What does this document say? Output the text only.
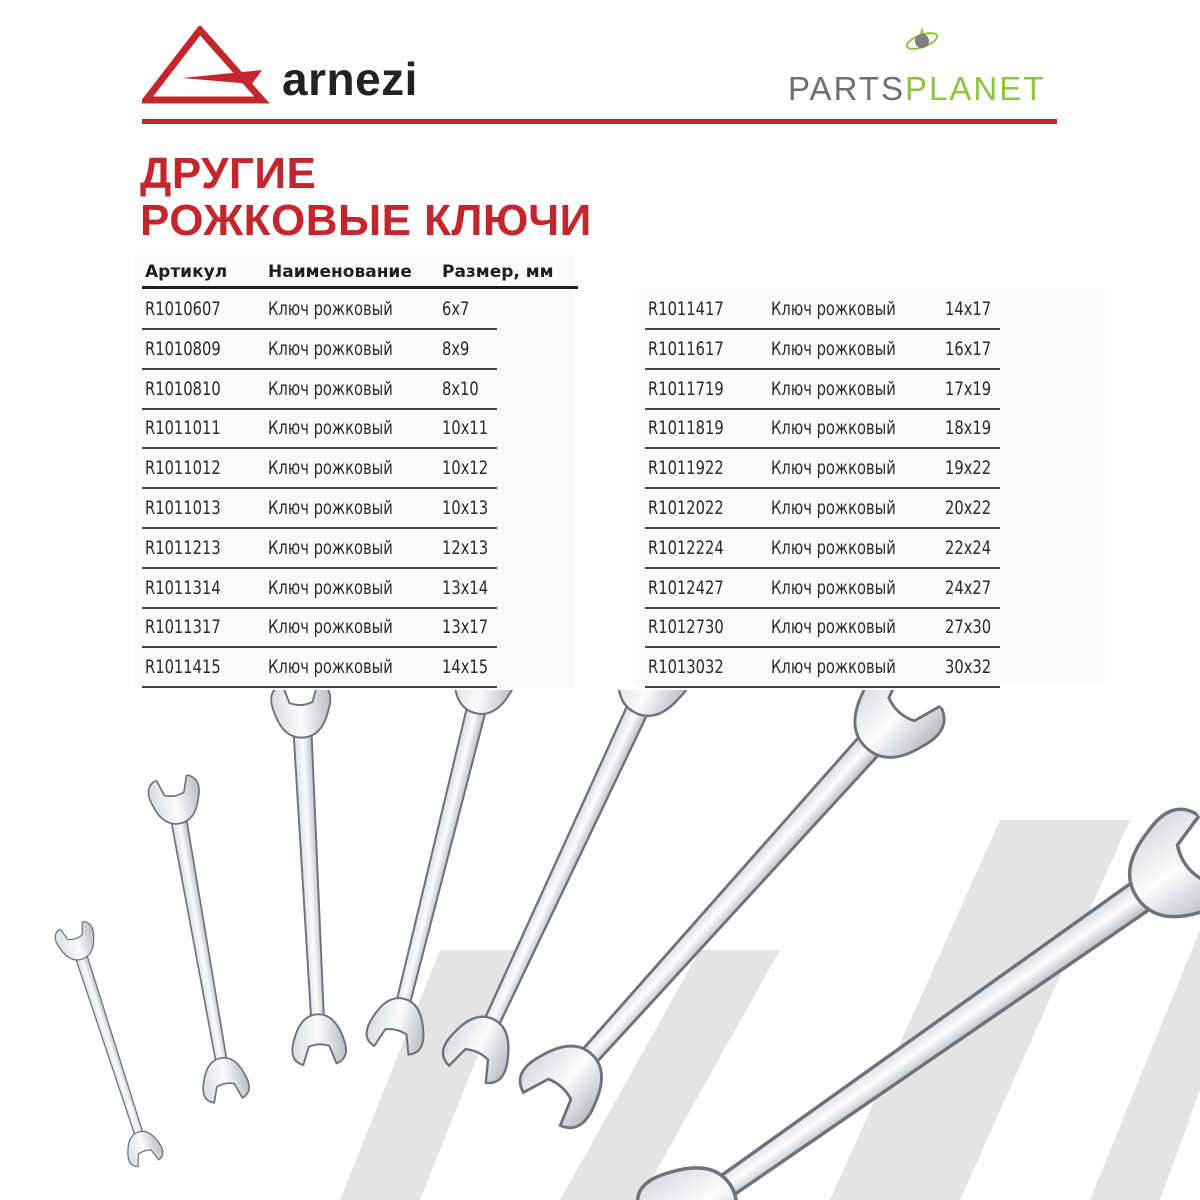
arnezi	PARTSPLANET
ДРУГИЕ
РОЖКОВЫЕ КЛЮЧИ
Артикул Наименование Размер, мм
R1010607 Ключ рожковый	6x7
R1010809 Ключ рожковый	8x9
R1010810 Ключ рожковый	8x10
R1011011 Ключ рожковый	10x11
R1011012 Ключ рожковый	10x12
R1011013 Ключ рожковый	10x13
R1011213 Ключ рожковый	12x13
R1011314 Ключ рожковый	13x14
R1011317 Ключ рожковый	13x17
R1011415 Ключ рожковый	14x15
R1011417 Ключ рожковый	14x17
R1011617 Ключ рожковый	16x17
R1011719 Ключ рожковый	17x19
R1011819 Ключ рожковый	18x19
R1011922 Ключ рожковый	19x22
R1012022 Ключ рожковый	20x22
R1012224 Ключ рожковый	22x24
R1012427 Ключ рожковый	24x27
R1012730 Ключ рожковый	27x30
R1013032 Ключ рожковый	30x32
